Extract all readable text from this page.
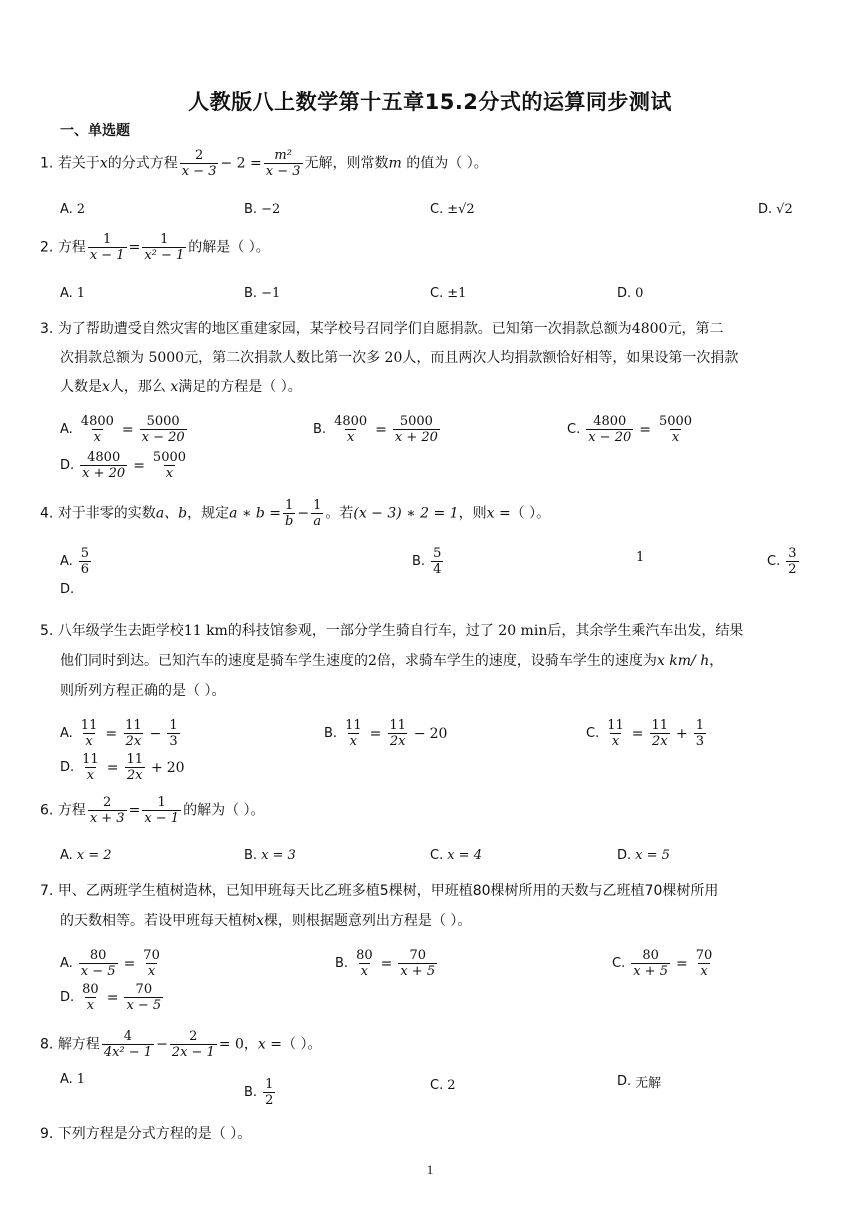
人教版八上数学第十五章15.2分式的运算同步测试
一、单选题
1. 若关于x的分式方程 $\frac{2}{x - 3} - 2 = \frac{\text{m²}}{x - 3}$ 无解，则常数m 的值为（ ）。
A. 2	B. −2	C. ±√2	D. √2
2. 方程 $\frac{1}{x - 1} = \frac{1}{\text{x² − 1}}$ 的解是（ ）。
A. 1	B. −1	C. ±1	D. 0
3. 为了帮助遭受自然灾害的地区重建家园，某学校号召同学们自愿捐款。已知第一次捐款总额为4800元，第二
次捐款总额为 5000元，第二次捐款人数比第一次多 20人，而且两次人均捐款额恰好相等，如果设第一次捐款
人数是x人，那么 x满足的方程是（ ）。
A. $\frac{4800}{x} = \frac{5000}{x - 20}$	B. $\frac{4800}{x} = \frac{5000}{x + 20}$	C. $\frac{4800}{x - 20} = \frac{5000}{x}$
D. $\frac{4800}{x + 20} = \frac{5000}{x}$
4. 对于非零的实数a、b，规定a ∗ $b = \frac{1}{b} - \frac{1}{a}$ 。若(x − 3) ∗ 2 = 1，则x =（ ）。
A. $\frac{5}{6}$	B. $\frac{5}{4}$	1	C. $\frac{3}{2}$
D.
5. 八年级学生去距学校11 km的科技馆参观，一部分学生骑自行车，过了 20 min后，其余学生乘汽车出发，结果
他们同时到达。已知汽车的速度是骑车学生速度的2倍，求骑车学生的速度，设骑车学生的速度为x km/ h，
则所列方程正确的是（ ）。
A. $\frac{11}{x} = \frac{11}{2x} - \frac{1}{3}$	B. $\frac{11}{x} = \frac{11}{2x} - 20$	C. $\frac{11}{x} = \frac{11}{2x} + \frac{1}{3}$
D. $\frac{11}{x} = \frac{11}{2x} + 20$
6. 方程 $\frac{2}{x + 3} = \frac{1}{x - 1}$ 的解为（ ）。
A. x = 2	B. x = 3	C. x = 4	D. x = 5
7. 甲、乙两班学生植树造林，已知甲班每天比乙班多植5棵树，甲班植80棵树所用的天数与乙班植70棵树所用
的天数相等。若设甲班每天植树x棵，则根据题意列出方程是（ ）。
A. $\frac{80}{x - 5} = \frac{70}{x}$	B. $\frac{80}{x} = \frac{70}{x + 5}$	C. $\frac{80}{x + 5} = \frac{70}{x}$
D. $\frac{80}{x} = \frac{70}{x - 5}$
8. 解方程 $\frac{4}{\text{4x² − 1}} - \frac{2}{2x - 1} = 0$，x =（ ）。
A. 1
B. $\frac{1}{2}$	C. 2	D. 无解
9. 下列方程是分式方程的是（ ）。
1
